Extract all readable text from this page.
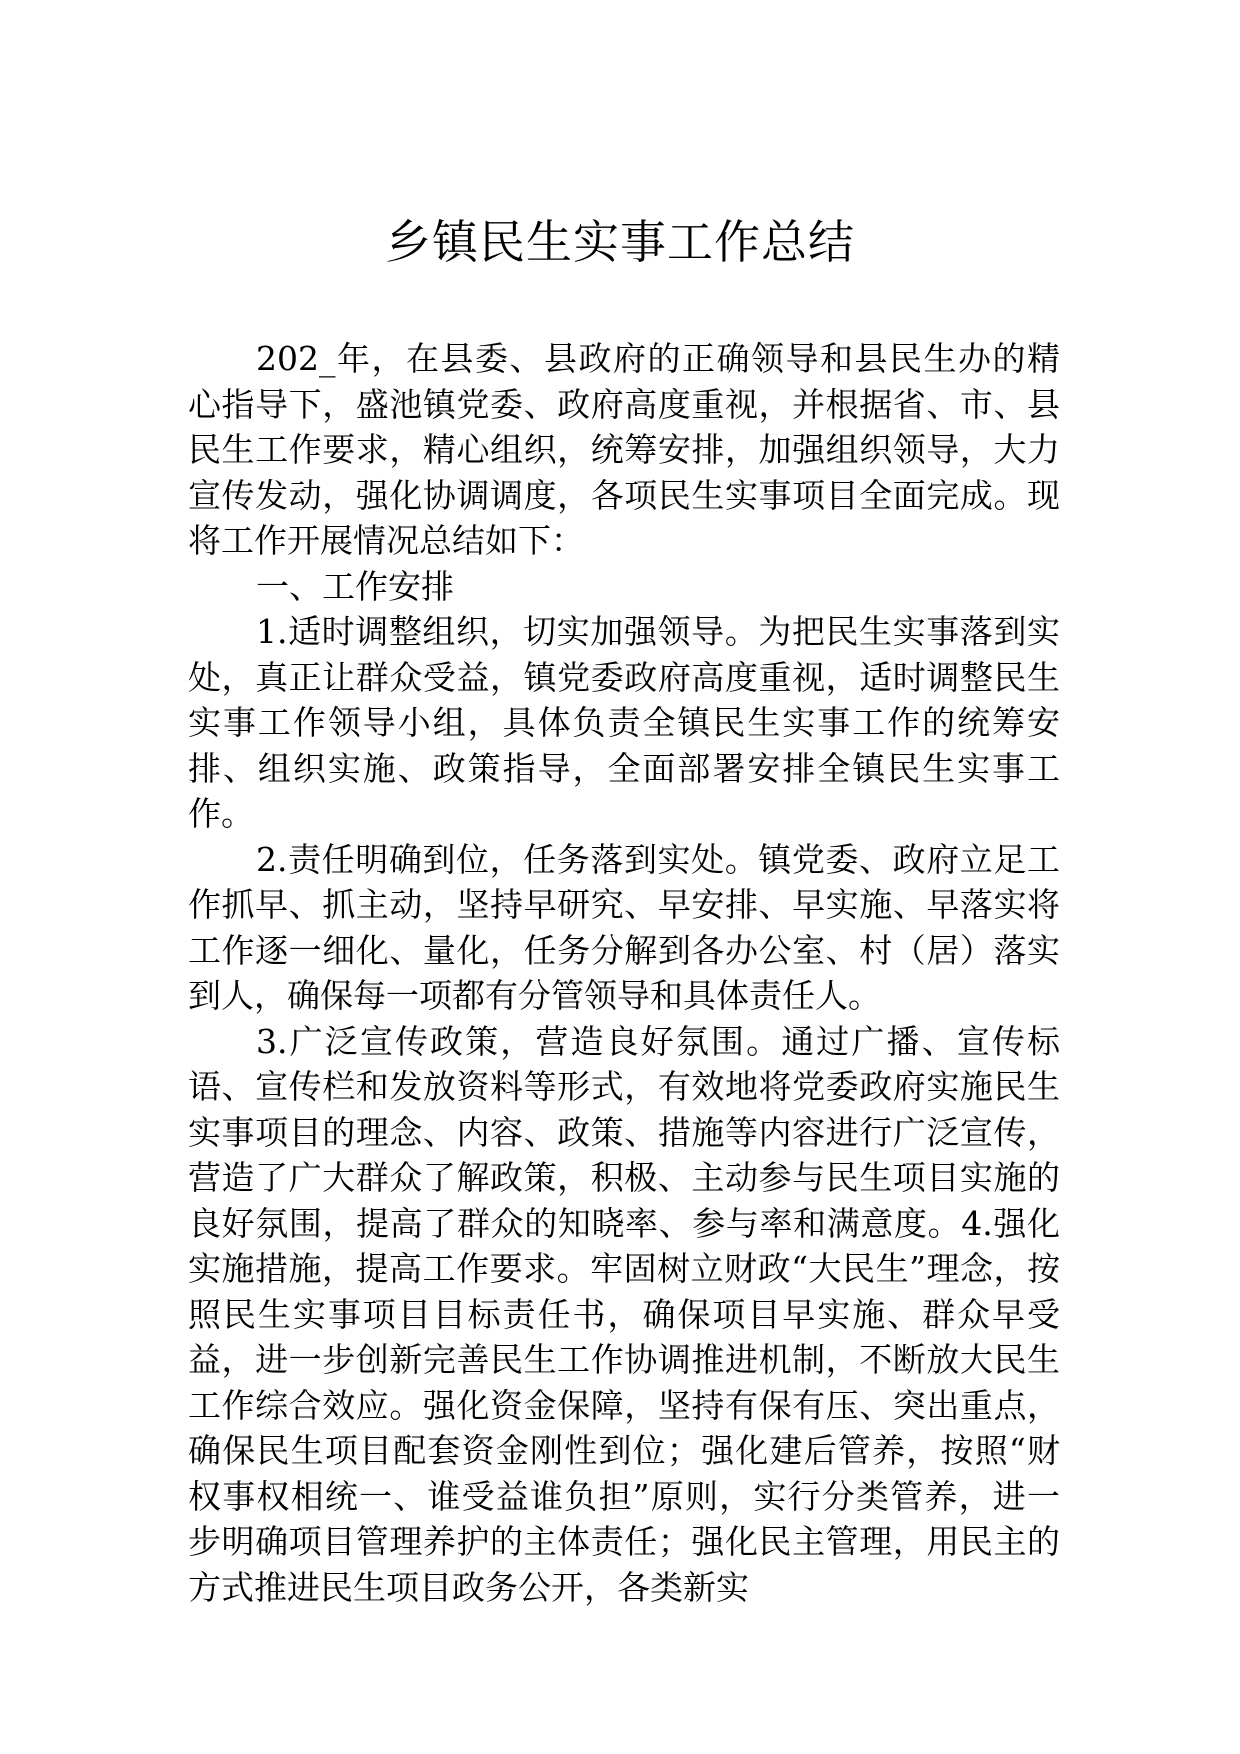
乡镇民生实事工作总结

202_年，在县委、县政府的正确领导和县民生办的精心指导下，盛池镇党委、政府高度重视，并根据省、市、县民生工作要求，精心组织，统筹安排，加强组织领导，大力宣传发动，强化协调调度，各项民生实事项目全面完成。现将工作开展情况总结如下：

一、工作安排

1.适时调整组织，切实加强领导。为把民生实事落到实处，真正让群众受益，镇党委政府高度重视，适时调整民生实事工作领导小组，具体负责全镇民生实事工作的统筹安排、组织实施、政策指导，全面部署安排全镇民生实事工作。

2.责任明确到位，任务落到实处。镇党委、政府立足工作抓早、抓主动，坚持早研究、早安排、早实施、早落实将工作逐一细化、量化，任务分解到各办公室、村（居）落实到人，确保每一项都有分管领导和具体责任人。

3.广泛宣传政策，营造良好氛围。通过广播、宣传标语、宣传栏和发放资料等形式，有效地将党委政府实施民生实事项目的理念、内容、政策、措施等内容进行广泛宣传，营造了广大群众了解政策，积极、主动参与民生项目实施的良好氛围，提高了群众的知晓率、参与率和满意度。4.强化实施措施，提高工作要求。牢固树立财政“大民生”理念，按照民生实事项目目标责任书，确保项目早实施、群众早受益，进一步创新完善民生工作协调推进机制，不断放大民生工作综合效应。强化资金保障，坚持有保有压、突出重点，确保民生项目配套资金刚性到位；强化建后管养，按照“财权事权相统一、谁受益谁负担”原则，实行分类管养，进一步明确项目管理养护的主体责任；强化民主管理，用民主的方式推进民生项目政务公开，各类新实
